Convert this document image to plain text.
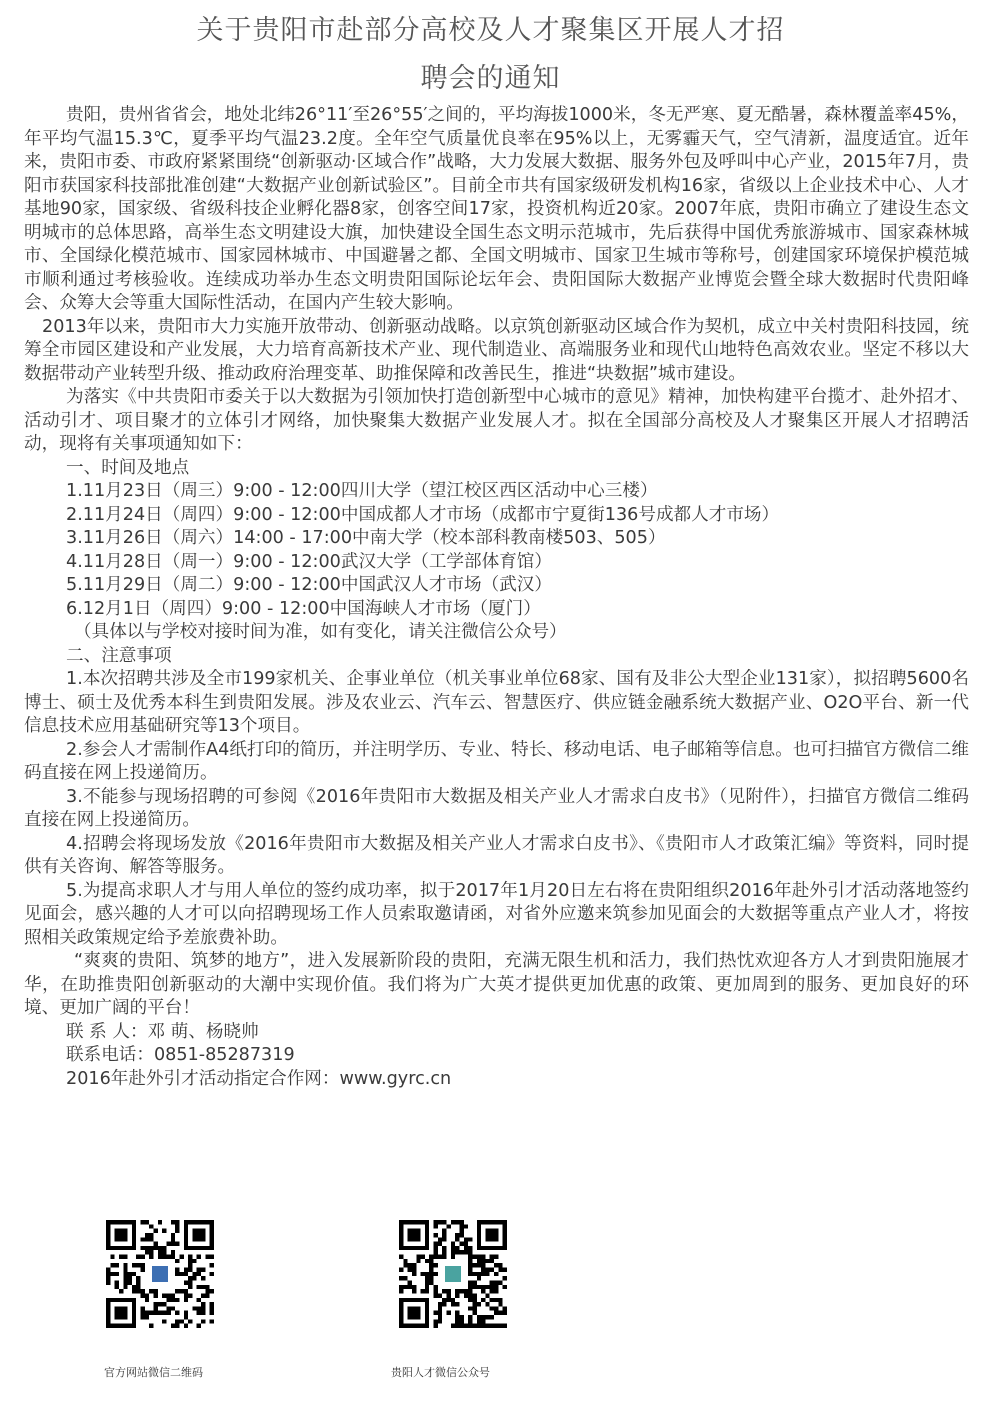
关于贵阳市赴部分高校及人才聚集区开展人才招
聘会的通知

贵阳，贵州省省会，地处北纬26°11′至26°55′之间的，平均海拔1000米，冬无严寒、夏无酷暑，森林覆盖率45%，年平均气温15.3℃，夏季平均气温23.2度。全年空气质量优良率在95%以上，无雾霾天气，空气清新，温度适宜。近年来，贵阳市委、市政府紧紧围绕“创新驱动·区域合作”战略，大力发展大数据、服务外包及呼叫中心产业，2015年7月，贵阳市获国家科技部批准创建“大数据产业创新试验区”。目前全市共有国家级研发机构16家，省级以上企业技术中心、人才基地90家，国家级、省级科技企业孵化器8家，创客空间17家，投资机构近20家。2007年底，贵阳市确立了建设生态文明城市的总体思路，高举生态文明建设大旗，加快建设全国生态文明示范城市，先后获得中国优秀旅游城市、国家森林城市、全国绿化模范城市、国家园林城市、中国避暑之都、全国文明城市、国家卫生城市等称号，创建国家环境保护模范城市顺利通过考核验收。连续成功举办生态文明贵阳国际论坛年会、贵阳国际大数据产业博览会暨全球大数据时代贵阳峰会、众筹大会等重大国际性活动，在国内产生较大影响。

2013年以来，贵阳市大力实施开放带动、创新驱动战略。以京筑创新驱动区域合作为契机，成立中关村贵阳科技园，统筹全市园区建设和产业发展，大力培育高新技术产业、现代制造业、高端服务业和现代山地特色高效农业。坚定不移以大数据带动产业转型升级、推动政府治理变革、助推保障和改善民生，推进“块数据”城市建设。

为落实《中共贵阳市委关于以大数据为引领加快打造创新型中心城市的意见》精神，加快构建平台揽才、赴外招才、活动引才、项目聚才的立体引才网络，加快聚集大数据产业发展人才。拟在全国部分高校及人才聚集区开展人才招聘活动，现将有关事项通知如下：

一、时间及地点
1.11月23日（周三）9:00 - 12:00四川大学（望江校区西区活动中心三楼）
2.11月24日（周四）9:00 - 12:00中国成都人才市场（成都市宁夏街136号成都人才市场）
3.11月26日（周六）14:00 - 17:00中南大学（校本部科教南楼503、505）
4.11月28日（周一）9:00 - 12:00武汉大学（工学部体育馆）
5.11月29日（周二）9:00 - 12:00中国武汉人才市场（武汉）
6.12月1日（周四）9:00 - 12:00中国海峡人才市场（厦门）
（具体以与学校对接时间为准，如有变化，请关注微信公众号）
二、注意事项

1.本次招聘共涉及全市199家机关、企事业单位（机关事业单位68家、国有及非公大型企业131家），拟招聘5600名博士、硕士及优秀本科生到贵阳发展。涉及农业云、汽车云、智慧医疗、供应链金融系统大数据产业、O2O平台、新一代信息技术应用基础研究等13个项目。

2.参会人才需制作A4纸打印的简历，并注明学历、专业、特长、移动电话、电子邮箱等信息。也可扫描官方微信二维码直接在网上投递简历。

3.不能参与现场招聘的可参阅《2016年贵阳市大数据及相关产业人才需求白皮书》（见附件），扫描官方微信二维码直接在网上投递简历。

4.招聘会将现场发放《2016年贵阳市大数据及相关产业人才需求白皮书》、《贵阳市人才政策汇编》等资料，同时提供有关咨询、解答等服务。

5.为提高求职人才与用人单位的签约成功率，拟于2017年1月20日左右将在贵阳组织2016年赴外引才活动落地签约见面会，感兴趣的人才可以向招聘现场工作人员索取邀请函，对省外应邀来筑参加见面会的大数据等重点产业人才，将按照相关政策规定给予差旅费补助。

“爽爽的贵阳、筑梦的地方”，进入发展新阶段的贵阳，充满无限生机和活力，我们热忱欢迎各方人才到贵阳施展才华，在助推贵阳创新驱动的大潮中实现价值。我们将为广大英才提供更加优惠的政策、更加周到的服务、更加良好的环境、更加广阔的平台！

联 系 人：邓 萌、杨晓帅
联系电话：0851-85287319
2016年赴外引才活动指定合作网：www.gyrc.cn
官方网站微信二维码	贵阳人才微信公众号
